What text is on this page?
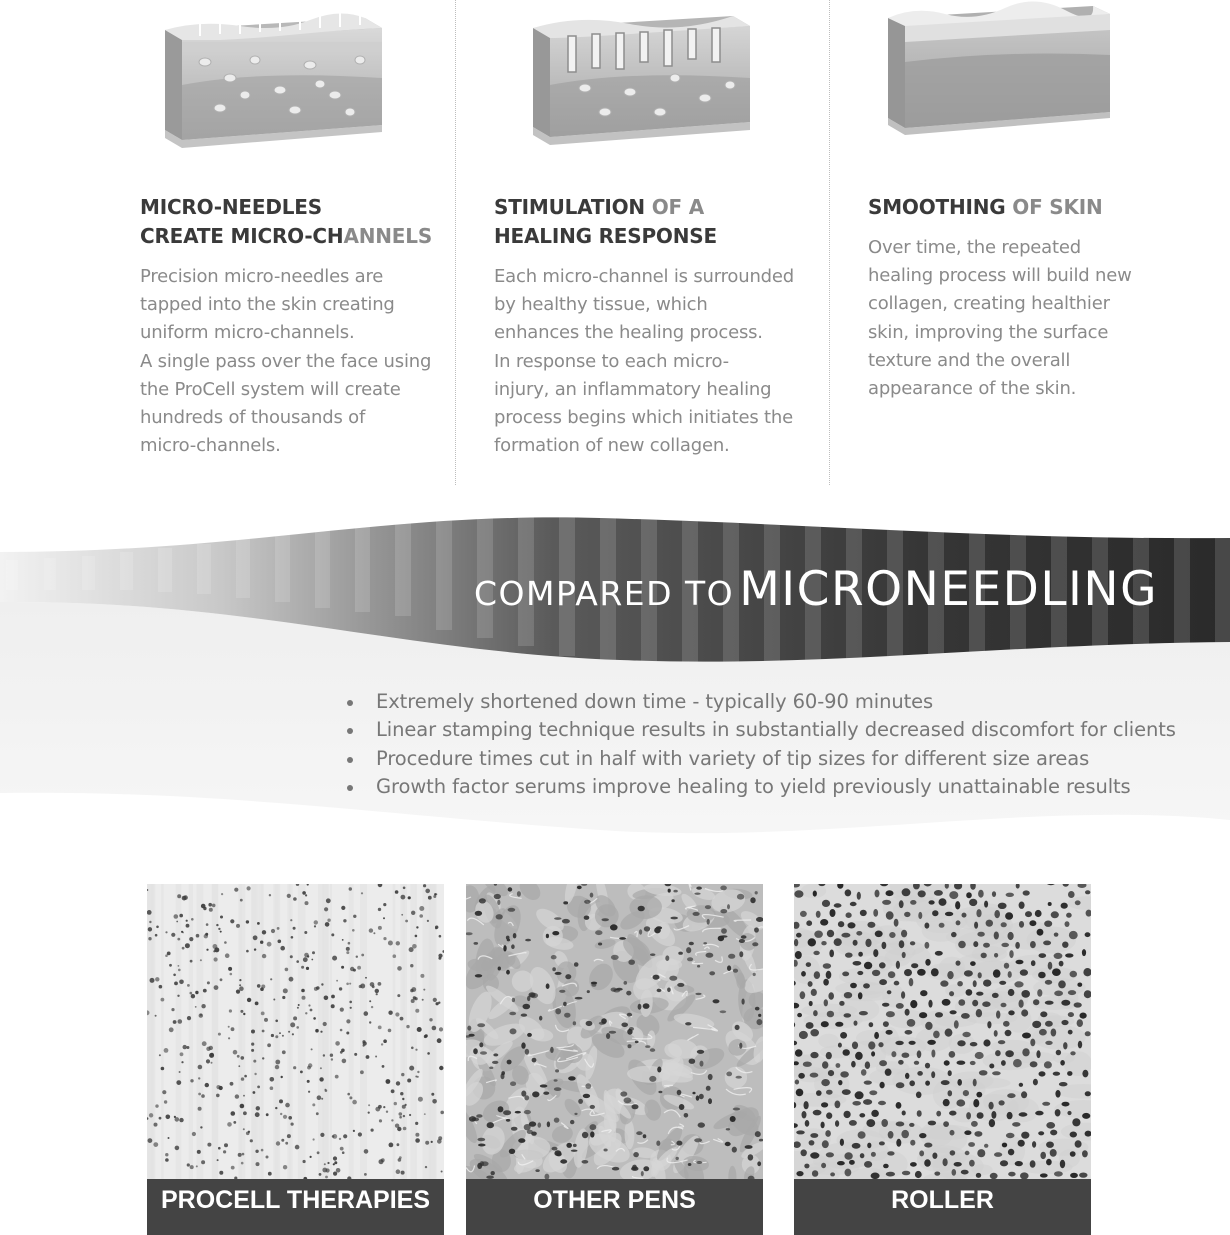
MICRO-NEEDLES
CREATE MICRO-CHANNELS

Precision micro-needles are
tapped into the skin creating
uniform micro-channels.
A single pass over the face using
the ProCell system will create
hundreds of thousands of
micro-channels.

STIMULATION OF A
HEALING RESPONSE

Each micro-channel is surrounded
by healthy tissue, which
enhances the healing process.
In response to each micro-
injury, an inflammatory healing
process begins which initiates the
formation of new collagen.

SMOOTHING OF SKIN

Over time, the repeated
healing process will build new
collagen, creating healthier
skin, improving the surface
texture and the overall
appearance of the skin.

COMPARED TO MICRONEEDLING
Extremely shortened down time - typically 60-90 minutes
Linear stamping technique results in substantially decreased discomfort for clients
Procedure times cut in half with variety of tip sizes for different size areas
Growth factor serums improve healing to yield previously unattainable results
PROCELL THERAPIES	OTHER PENS	ROLLER
